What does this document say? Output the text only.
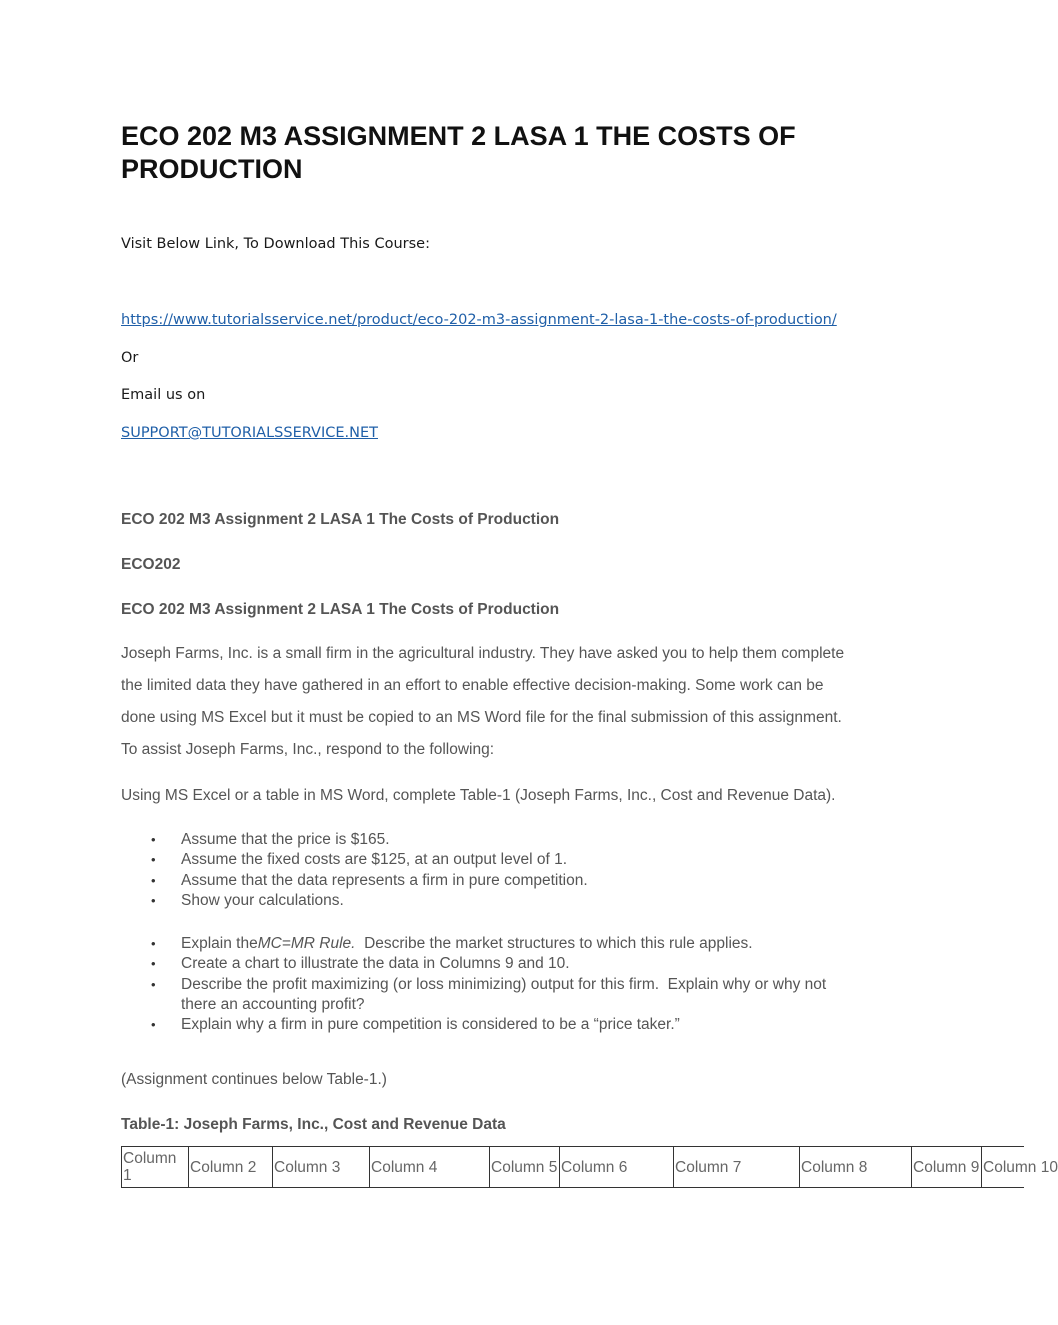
ECO 202 M3 ASSIGNMENT 2 LASA 1 THE COSTS OF PRODUCTION
Visit Below Link, To Download This Course:
https://www.tutorialsservice.net/product/eco-202-m3-assignment-2-lasa-1-the-costs-of-production/
Or
Email us on
SUPPORT@TUTORIALSSERVICE.NET
ECO 202 M3 Assignment 2 LASA 1 The Costs of Production
ECO202
ECO 202 M3 Assignment 2 LASA 1 The Costs of Production

Joseph Farms, Inc. is a small firm in the agricultural industry. They have asked you to help them complete

the limited data they have gathered in an effort to enable effective decision-making. Some work can be

done using MS Excel but it must be copied to an MS Word file for the final submission of this assignment.

To assist Joseph Farms, Inc., respond to the following:

Using MS Excel or a table in MS Word, complete Table-1 (Joseph Farms, Inc., Cost and Revenue Data).
• Assume that the price is $165.
• Assume the fixed costs are $125, at an output level of 1.
• Assume that the data represents a firm in pure competition.
• Show your calculations.
• Explain theMC=MR Rule.  Describe the market structures to which this rule applies.
• Create a chart to illustrate the data in Columns 9 and 10.
• Describe the profit maximizing (or loss minimizing) output for this firm.  Explain why or why not
there an accounting profit?
• Explain why a firm in pure competition is considered to be a “price taker.”
(Assignment continues below Table-1.)
Table-1: Joseph Farms, Inc., Cost and Revenue Data
Column 1	Column 2	Column 3	Column 4	Column 5 Column 6	Column 7	Column 8	Column 9 Column 10
